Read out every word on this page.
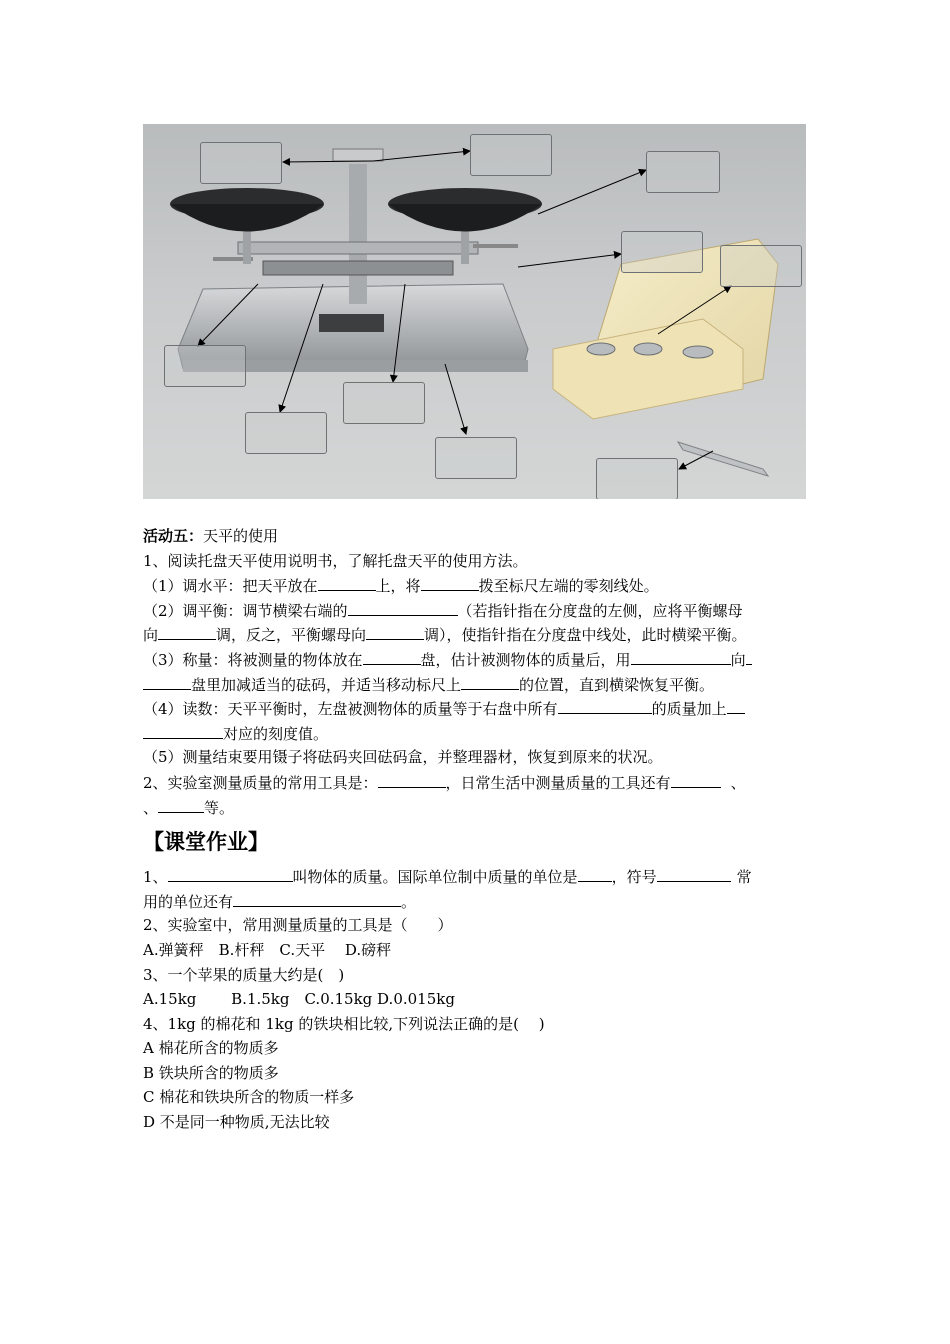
活动五：天平的使用
1、阅读托盘天平使用说明书，了解托盘天平的使用方法。
（1）调水平：把天平放在	上，将	拨至标尺左端的零刻线处。
（2）调平衡：调节横梁右端的	（若指针指在分度盘的左侧，应将平衡螺母
向	调，反之，平衡螺母向	调），使指针指在分度盘中线处，此时横梁平衡。
（3）称量：将被测量的物体放在	盘，估计被测物体的质量后，用	向
盘里加减适当的砝码，并适当移动标尺上	的位置，直到横梁恢复平衡。
（4）读数：天平平衡时，左盘被测物体的质量等于右盘中所有	的质量加上
对应的刻度值。
（5）测量结束要用镊子将砝码夹回砝码盒，并整理器材，恢复到原来的状况。
2、实验室测量质量的常用工具是：	，日常生活中测量质量的工具还有	、
、	等。
【课堂作业】
1、	叫物体的质量。国际单位制中质量的单位是 ，符号	常
用的单位还有	。
2、实验室中，常用测量质量的工具是（　　）
A.弹簧秤　B.杆秤　C.天平　 D.磅秤
3、一个苹果的质量大约是(　)
A.15kg　　 B.1.5kg　C.0.15kg D.0.015kg
4、1kg 的棉花和 1kg 的铁块相比较,下列说法正确的是(　 )
A 棉花所含的物质多
B 铁块所含的物质多
C 棉花和铁块所含的物质一样多
D 不是同一种物质,无法比较
